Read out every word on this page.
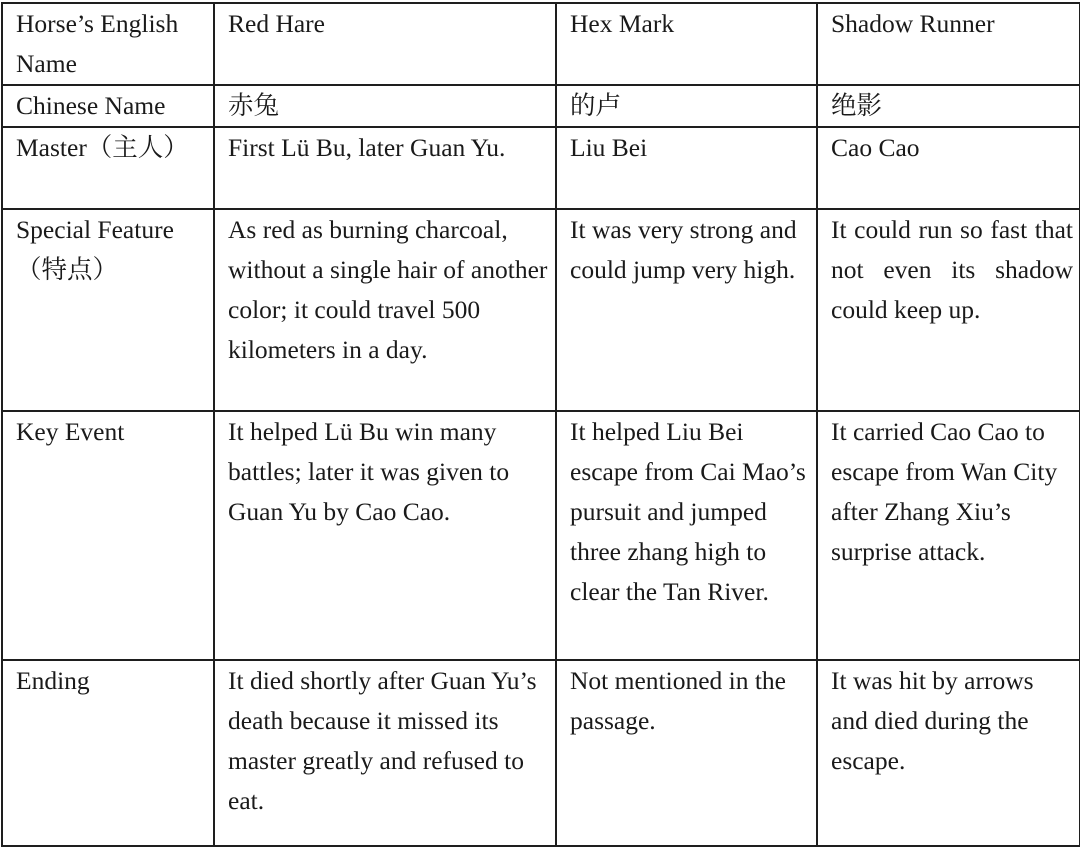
Horse’s English Name	Red Hare	Hex Mark	Shadow Runner
Chinese Name	赤兔	的卢	绝影
Master（主人）	First Lü Bu, later Guan Yu.	Liu Bei	Cao Cao
Special Feature（特点）	As red as burning charcoal, without a single hair of another color; it could travel 500 kilometers in a day.	It was very strong and could jump very high.	It could run so fast that not even its shadow could keep up.
Key Event	It helped Lü Bu win many battles; later it was given to Guan Yu by Cao Cao.	It helped Liu Bei escape from Cai Mao’s pursuit and jumped three zhang high to clear the Tan River.	It carried Cao Cao to escape from Wan City after Zhang Xiu’s surprise attack.
Ending	It died shortly after Guan Yu’s death because it missed its master greatly and refused to eat.	Not mentioned in the passage.	It was hit by arrows and died during the escape.
